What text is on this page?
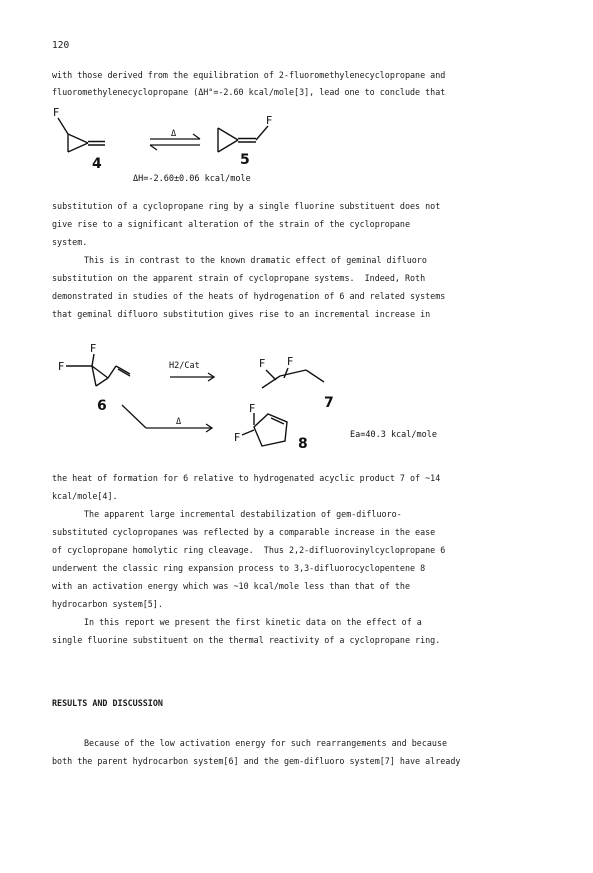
120
with those derived from the equilibration of 2-fluoromethylenecyclopropane and
fluoromethylenecyclopropane (ΔH°=-2.60 kcal/mole[3], lead one to conclude that
F
4
Δ
F
5
ΔH=-2.60±0.06 kcal/mole
F
F
6
H2/Cat	F F
7
Δ
F
F	8
Ea=40.3 kcal/mole
substitution of a cyclopropane ring by a single fluorine substituent does not
give rise to a significant alteration of the strain of the cyclopropane
system.
This is in contrast to the known dramatic effect of geminal difluoro
substitution on the apparent strain of cyclopropane systems.  Indeed, Roth
demonstrated in studies of the heats of hydrogenation of 6 and related systems
that geminal difluoro substitution gives rise to an incremental increase in
the heat of formation for 6 relative to hydrogenated acyclic product 7 of ~14
kcal/mole[4].
The apparent large incremental destabilization of gem-difluoro-
substituted cyclopropanes was reflected by a comparable increase in the ease
of cyclopropane homolytic ring cleavage.  Thus 2,2-difluorovinylcyclopropane 6
underwent the classic ring expansion process to 3,3-difluorocyclopentene 8
with an activation energy which was ~10 kcal/mole less than that of the
hydrocarbon system[5].
In this report we present the first kinetic data on the effect of a
single fluorine substituent on the thermal reactivity of a cyclopropane ring.
RESULTS AND DISCUSSION
Because of the low activation energy for such rearrangements and because
both the parent hydrocarbon system[6] and the gem-difluoro system[7] have already
